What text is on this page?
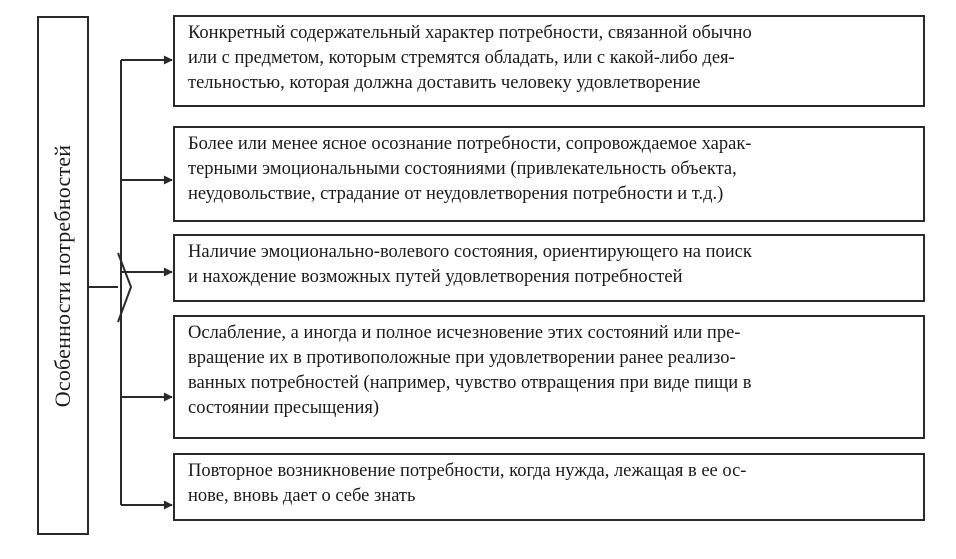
Особенности потребностей
Конкретный содержательный характер потребности, связанной обычно
или с предметом, которым стремятся обладать, или с какой-либо дея-
тельностью, которая должна доставить человеку удовлетворение
Более или менее ясное осознание потребности, сопровождаемое харак-
терными эмоциональными состояниями (привлекательность объекта,
неудовольствие, страдание от неудовлетворения потребности и т.д.)
Наличие эмоционально-волевого состояния, ориентирующего на поиск
и нахождение возможных путей удовлетворения потребностей
Ослабление, а иногда и полное исчезновение этих состояний или пре-
вращение их в противоположные при удовлетворении ранее реализо-
ванных потребностей (например, чувство отвращения при виде пищи в
состоянии пресыщения)
Повторное возникновение потребности, когда нужда, лежащая в ее ос-
нове, вновь дает о себе знать
